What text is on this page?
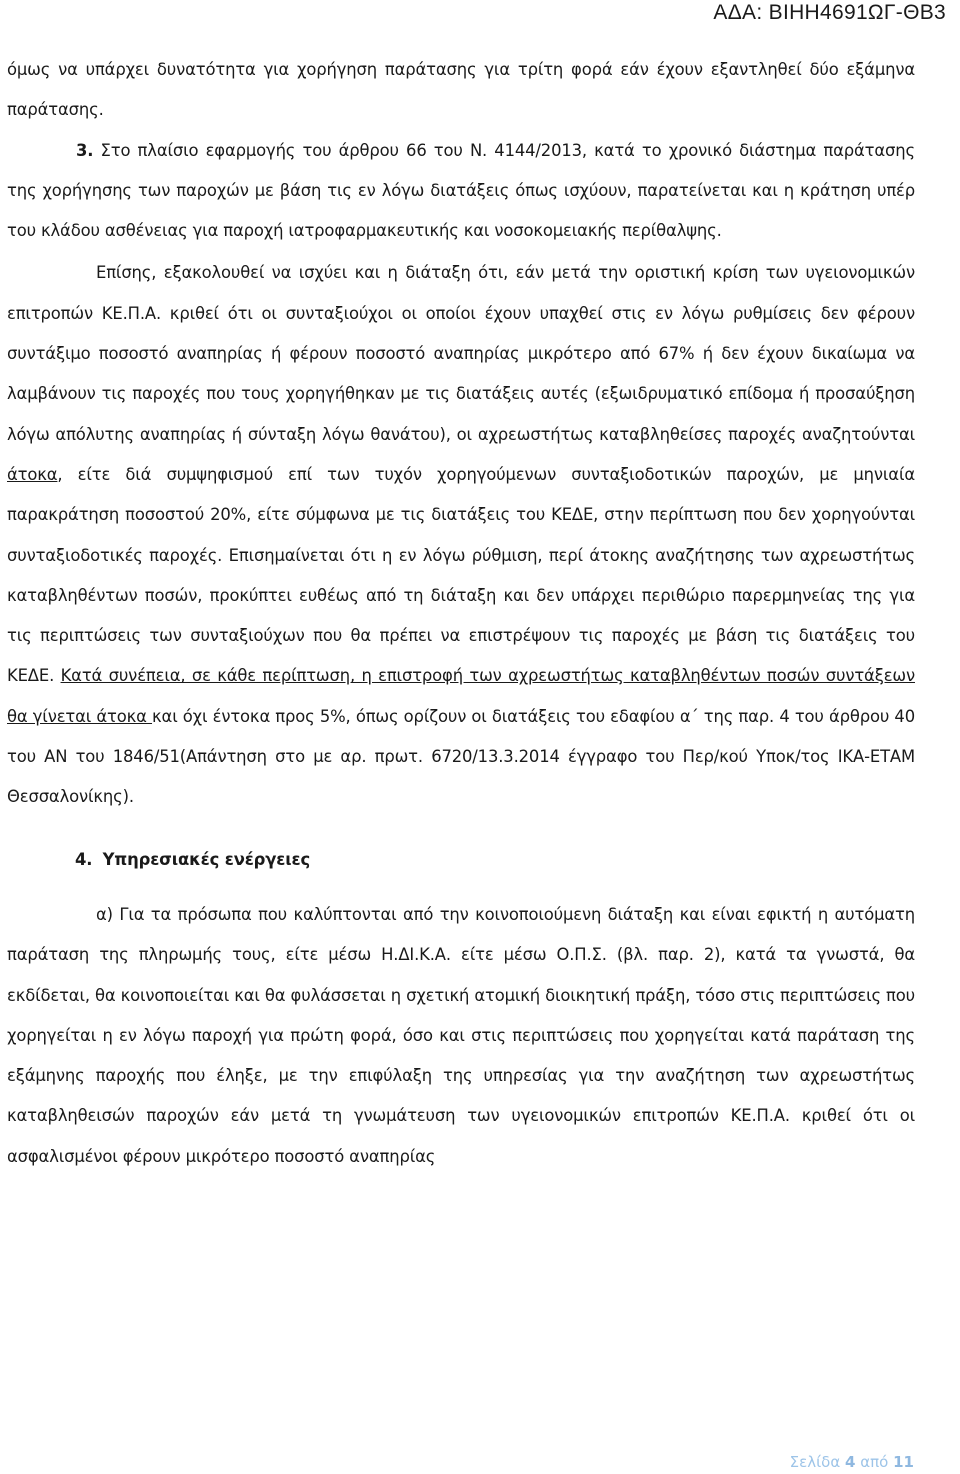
ΑΔΑ: ΒΙΗΗ4691ΩΓ-ΘΒ3

όμως να υπάρχει δυνατότητα για χορήγηση παράτασης για τρίτη φορά εάν έχουν εξαντληθεί δύο εξάμηνα παράτασης.

3. Στο πλαίσιο εφαρμογής του άρθρου 66 του Ν. 4144/2013, κατά το χρονικό διάστημα παράτασης της χορήγησης των παροχών με βάση τις εν λόγω διατάξεις όπως ισχύουν, παρατείνεται και η κράτηση υπέρ του κλάδου ασθένειας για παροχή ιατροφαρμακευτικής και νοσοκομειακής περίθαλψης.

Επίσης, εξακολουθεί να ισχύει και η διάταξη ότι, εάν μετά την οριστική κρίση των υγειονομικών επιτροπών ΚΕ.Π.Α. κριθεί ότι οι συνταξιούχοι οι οποίοι έχουν υπαχθεί στις εν λόγω ρυθμίσεις δεν φέρουν συντάξιμο ποσοστό αναπηρίας ή φέρουν ποσοστό αναπηρίας μικρότερο από 67% ή δεν έχουν δικαίωμα να λαμβάνουν τις παροχές που τους χορηγήθηκαν με τις διατάξεις αυτές (εξωιδρυματικό επίδομα ή προσαύξηση λόγω απόλυτης αναπηρίας ή σύνταξη λόγω θανάτου), οι αχρεωστήτως καταβληθείσες παροχές αναζητούνται άτοκα, είτε διά συμψηφισμού επί των τυχόν χορηγούμενων συνταξιοδοτικών παροχών, με μηνιαία παρακράτηση ποσοστού 20%, είτε σύμφωνα με τις διατάξεις του ΚΕΔΕ, στην περίπτωση που δεν χορηγούνται συνταξιοδοτικές παροχές. Επισημαίνεται ότι η εν λόγω ρύθμιση, περί άτοκης αναζήτησης των αχρεωστήτως καταβληθέντων ποσών, προκύπτει ευθέως από τη διάταξη και δεν υπάρχει περιθώριο παρερμηνείας της για τις περιπτώσεις των συνταξιούχων που θα πρέπει να επιστρέψουν τις παροχές με βάση τις διατάξεις του ΚΕΔΕ. Κατά συνέπεια, σε κάθε περίπτωση, η επιστροφή των αχρεωστήτως καταβληθέντων ποσών συντάξεων θα γίνεται άτοκα και όχι έντοκα προς 5%, όπως ορίζουν οι διατάξεις του εδαφίου α΄ της παρ. 4 του άρθρου 40 του ΑΝ του 1846/51(Απάντηση στο με αρ. πρωτ. 6720/13.3.2014 έγγραφο του Περ/κού Υποκ/τος ΙΚΑ-ΕΤΑΜ Θεσσαλονίκης).

4. Υπηρεσιακές ενέργειες

α) Για τα πρόσωπα που καλύπτονται από την κοινοποιούμενη διάταξη και είναι εφικτή η αυτόματη παράταση της πληρωμής τους, είτε μέσω Η.ΔΙ.Κ.Α. είτε μέσω Ο.Π.Σ. (βλ. παρ. 2), κατά τα γνωστά, θα εκδίδεται, θα κοινοποιείται και θα φυλάσσεται η σχετική ατομική διοικητική πράξη, τόσο στις περιπτώσεις που χορηγείται η εν λόγω παροχή για πρώτη φορά, όσο και στις περιπτώσεις που χορηγείται κατά παράταση της εξάμηνης παροχής που έληξε, με την επιφύλαξη της υπηρεσίας για την αναζήτηση των αχρεωστήτως καταβληθεισών παροχών εάν μετά τη γνωμάτευση των υγειονομικών επιτροπών ΚΕ.Π.Α. κριθεί ότι οι ασφαλισμένοι φέρουν μικρότερο ποσοστό αναπηρίας

Σελίδα 4 από 11
